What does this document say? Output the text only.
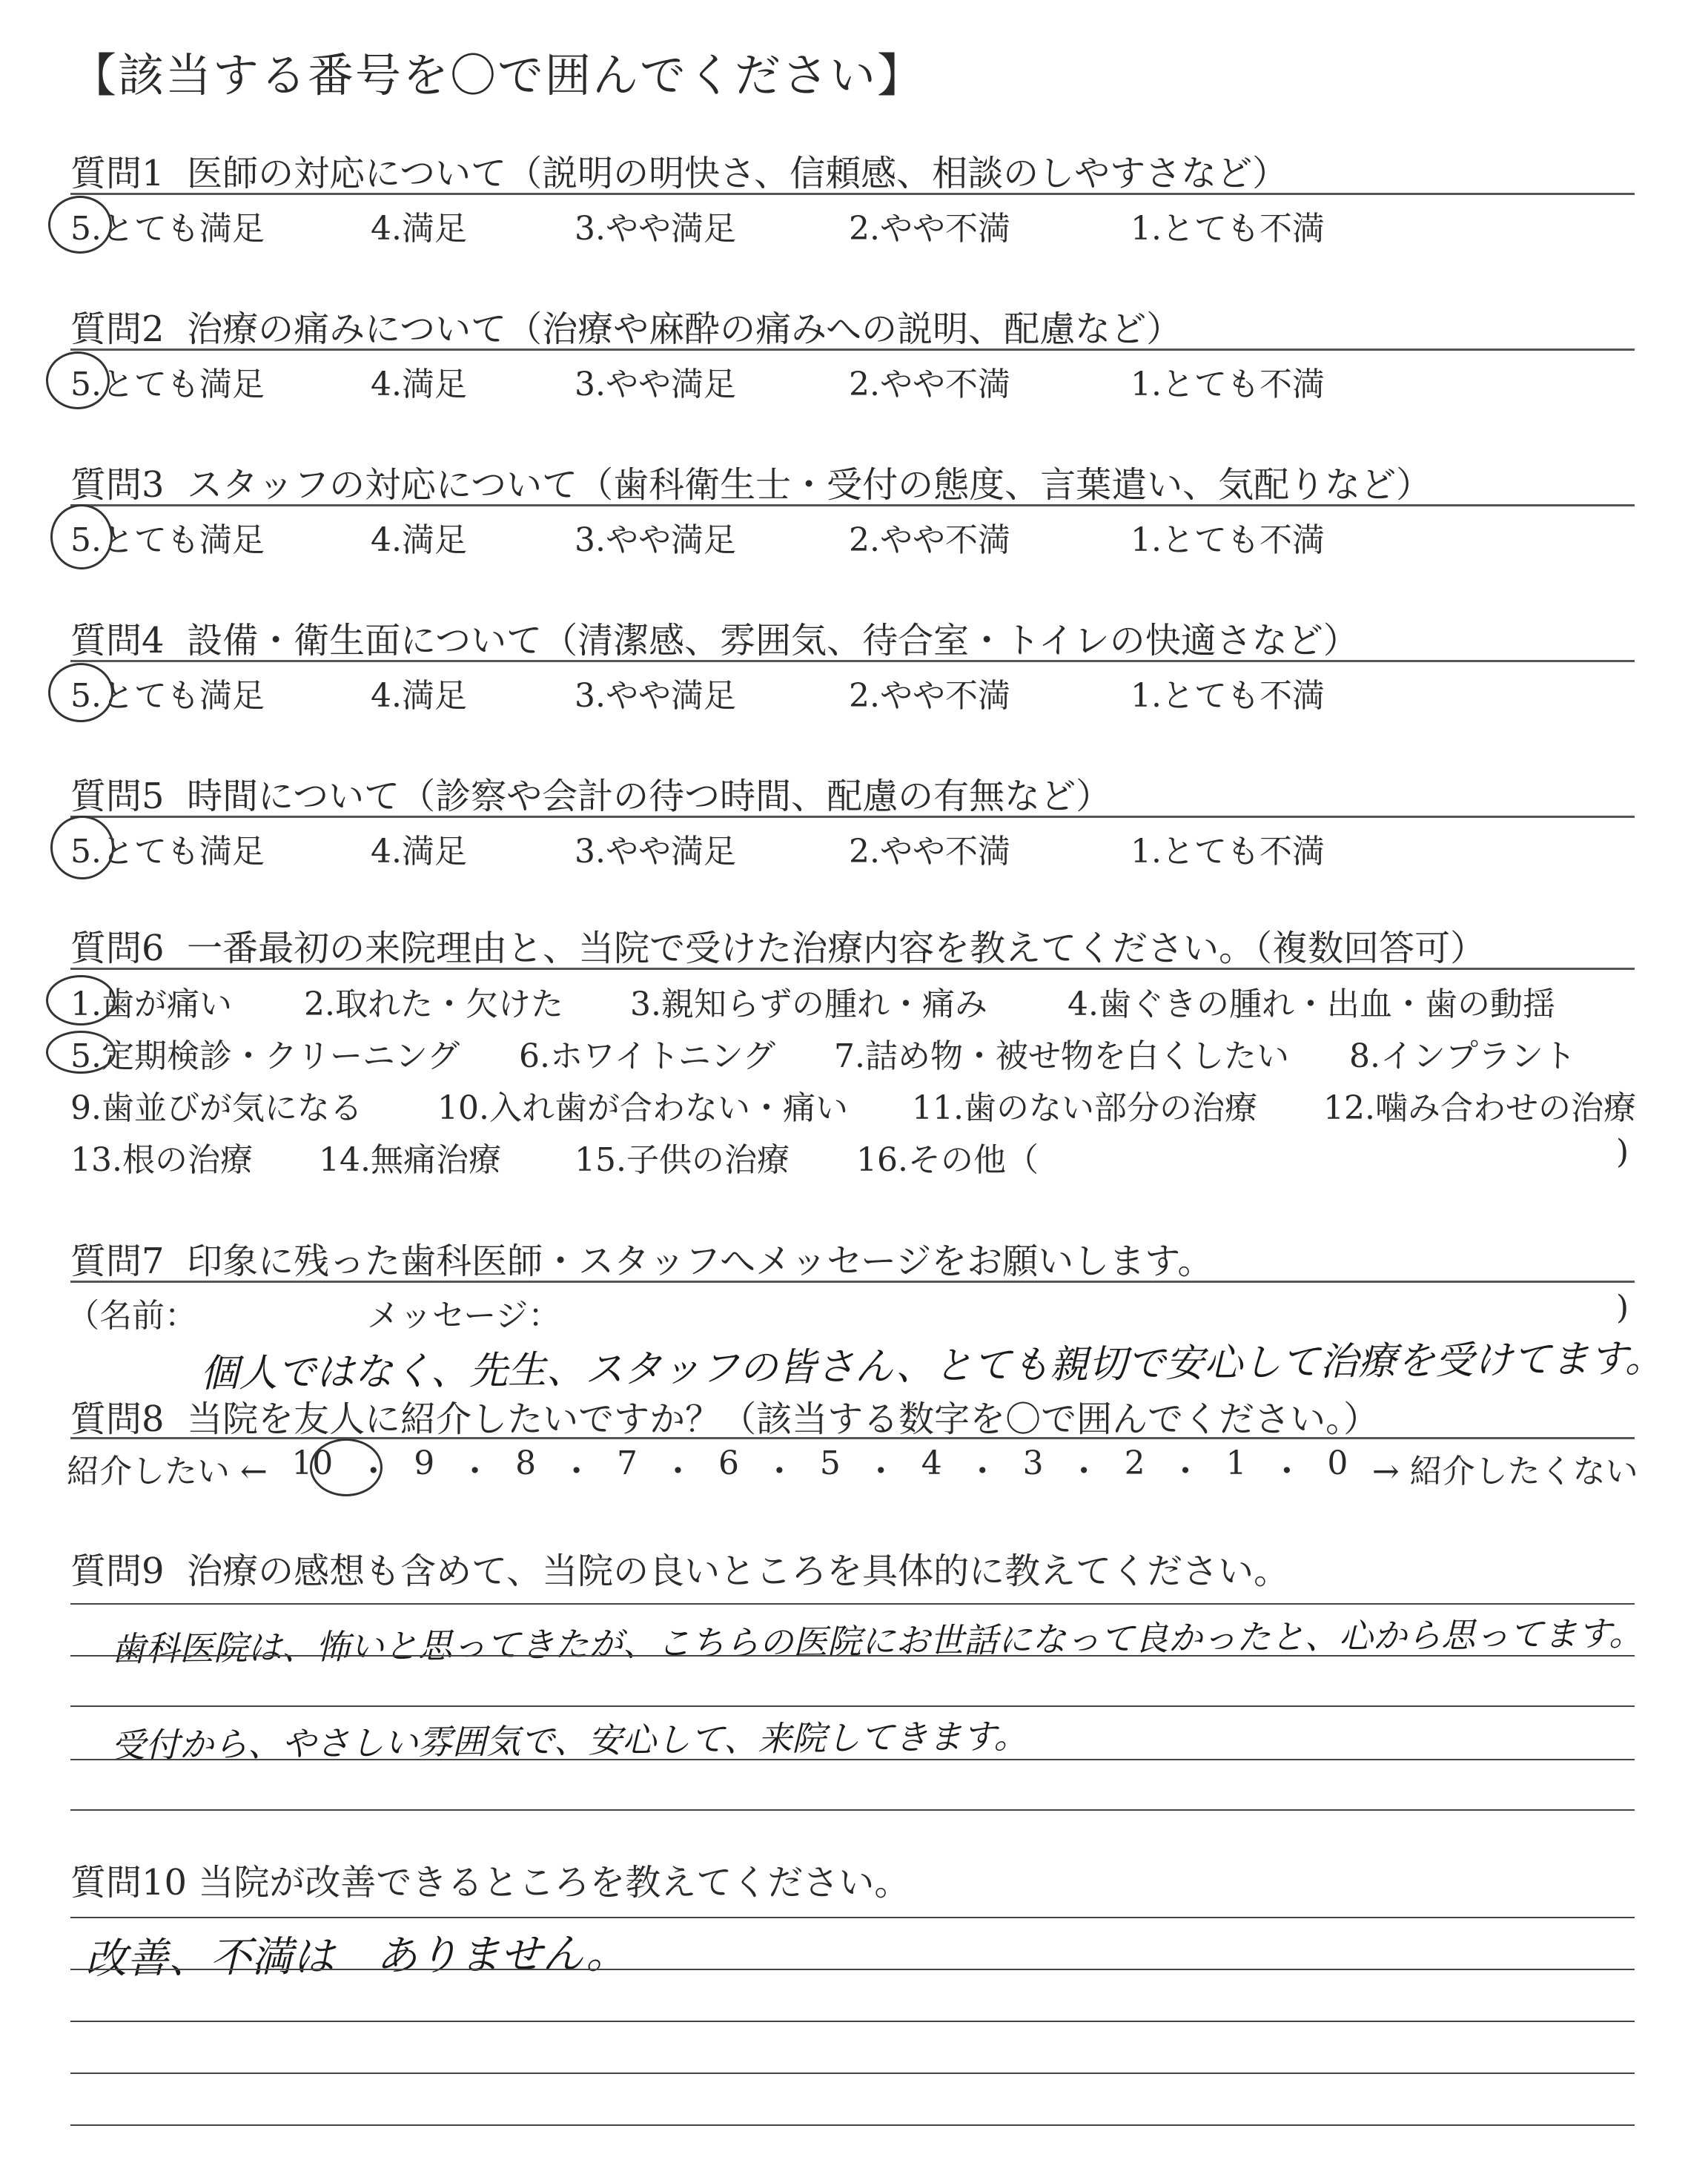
【該当する番号を〇で囲んでください】
質問1 医師の対応について（説明の明快さ、信頼感、相談のしやすさなど）
5.とても満足	4.満足	3.やや満足	2.やや不満	1.とても不満
質問2 治療の痛みについて（治療や麻酔の痛みへの説明、配慮など）
5.とても満足	4.満足	3.やや満足	2.やや不満	1.とても不満
質問3 スタッフの対応について（歯科衛生士・受付の態度、言葉遣い、気配りなど）
5.とても満足	4.満足	3.やや満足	2.やや不満	1.とても不満
質問4 設備・衛生面について（清潔感、雰囲気、待合室・トイレの快適さなど）
5.とても満足	4.満足	3.やや満足	2.やや不満	1.とても不満
質問5 時間について（診察や会計の待つ時間、配慮の有無など）
5.とても満足	4.満足	3.やや満足	2.やや不満	1.とても不満
質問6 一番最初の来院理由と、当院で受けた治療内容を教えてください。（複数回答可）
1.歯が痛い 2.取れた・欠けた 3.親知らずの腫れ・痛み 4.歯ぐきの腫れ・出血・歯の動揺
5.定期検診・クリーニング 6.ホワイトニング 7.詰め物・被せ物を白くしたい 8.インプラント
9.歯並びが気になる 10.入れ歯が合わない・痛い 11.歯のない部分の治療 12.噛み合わせの治療
13.根の治療 14.無痛治療 15.子供の治療 16.その他（	)
質問7 印象に残った歯科医師・スタッフへメッセージをお願いします。
（名前：	メッセージ：	)
個人ではなく、先生、スタッフの皆さん、とても親切で安心して治療を受けてます。
質問8 当院を友人に紹介したいですか？（該当する数字を〇で囲んでください。）
紹介したい ← 10 ・ 9 ・ 8 ・ 7 ・ 6 ・ 5 ・ 4 ・ 3 ・ 2 ・ 1 ・ 0 → 紹介したくない
質問9 治療の感想も含めて、当院の良いところを具体的に教えてください。
歯科医院は、怖いと思ってきたが、こちらの医院にお世話になって良かったと、心から思ってます。
受付から、やさしい雰囲気で、安心して、来院してきます。
質問10 当院が改善できるところを教えてください。
改善、不満は　ありません。
